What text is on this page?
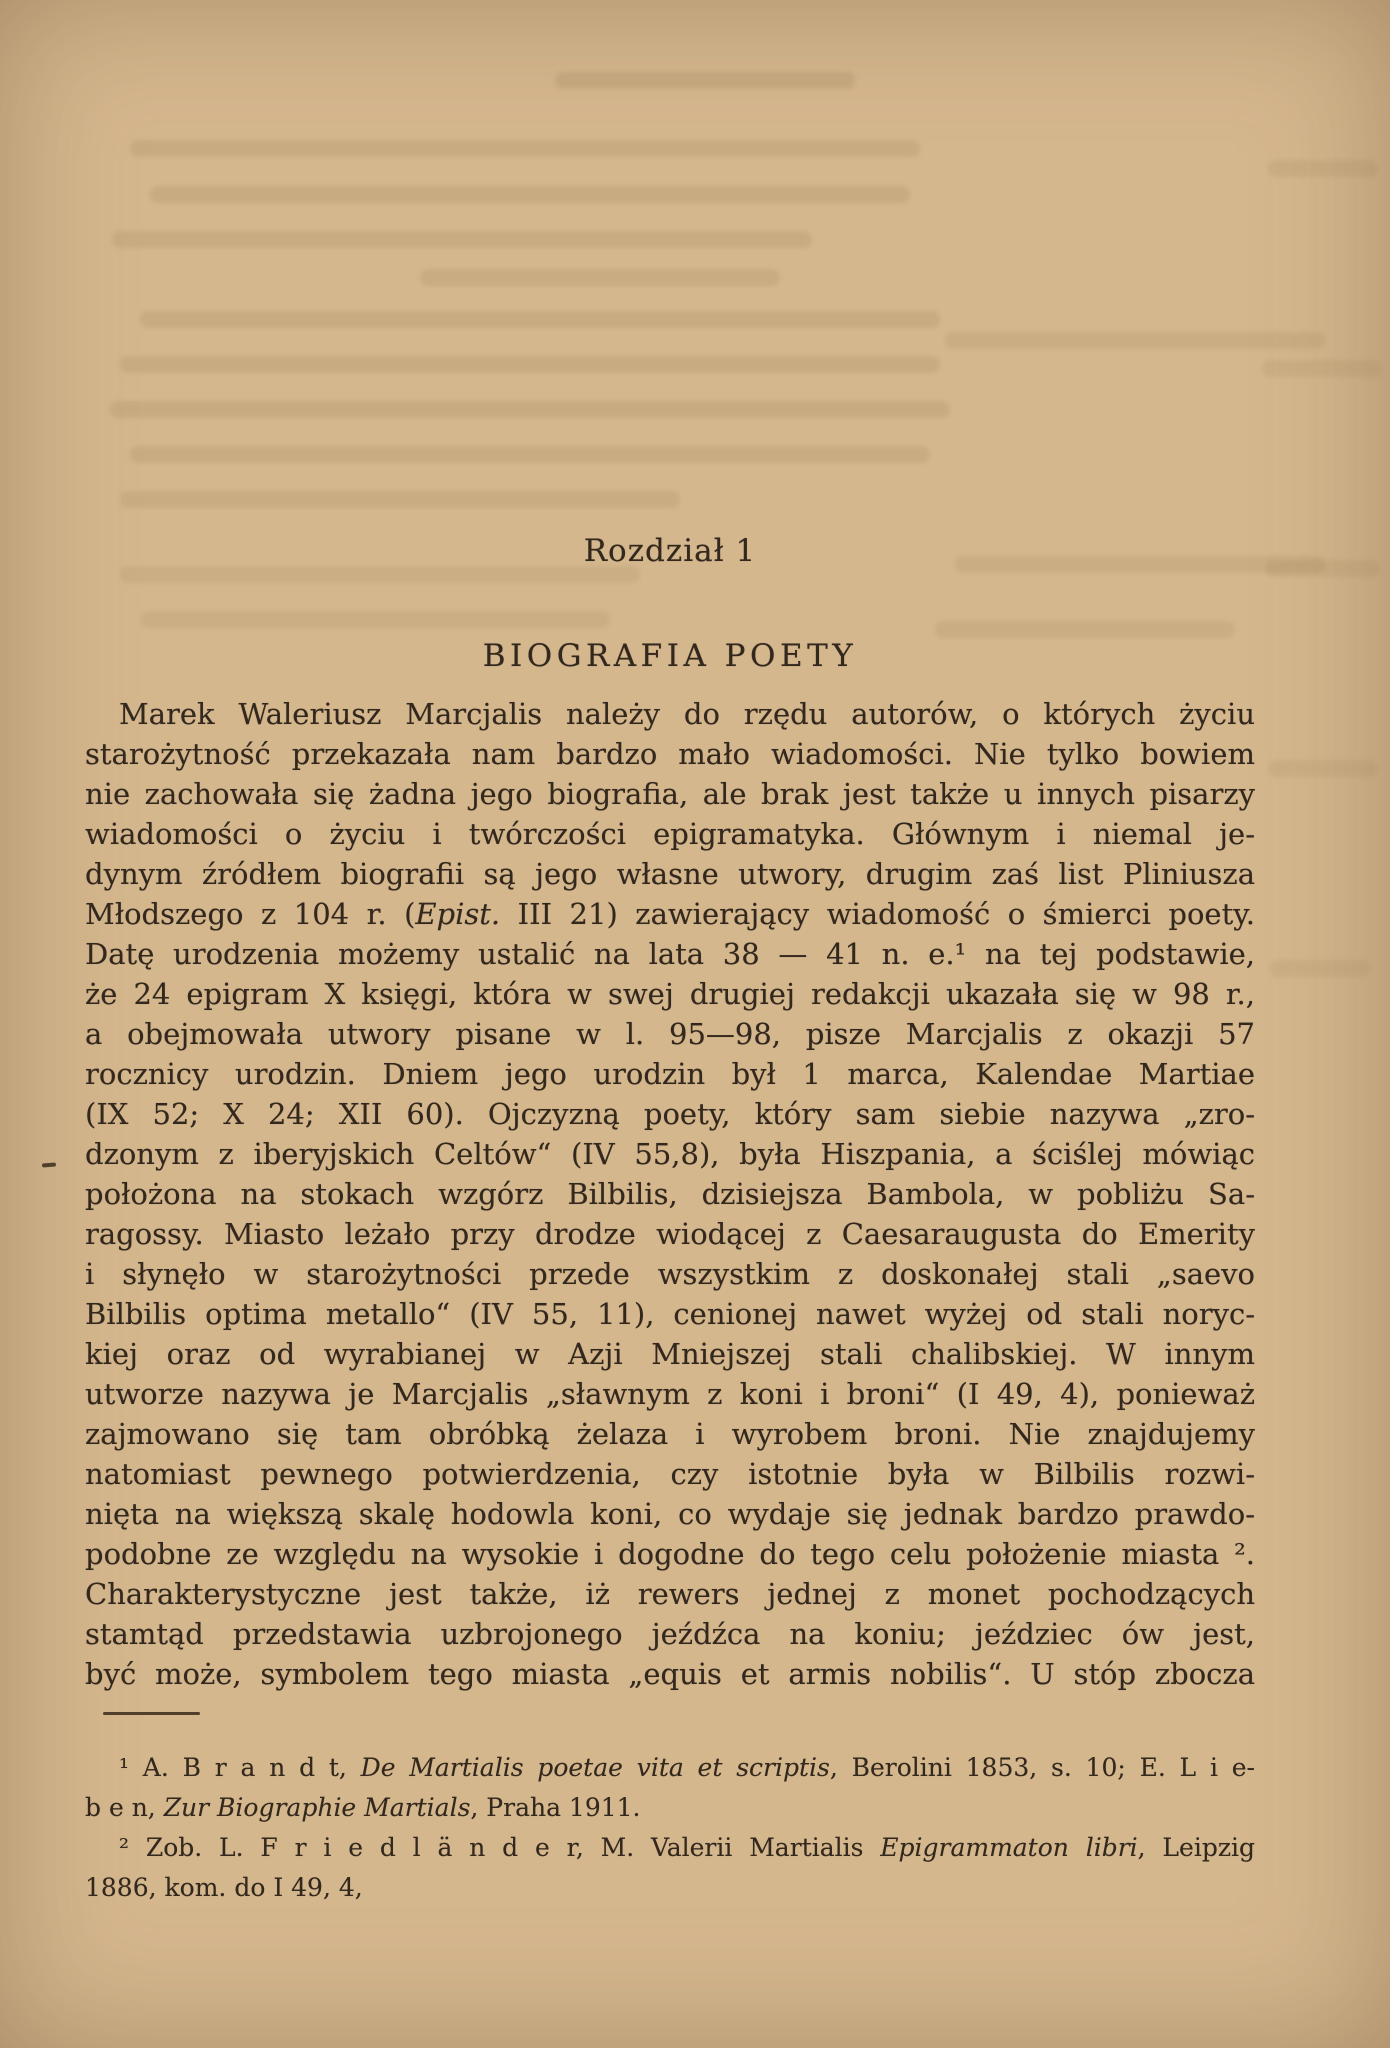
Rozdział 1
BIOGRAFIA POETY
Marek Waleriusz Marcjalis należy do rzędu autorów, o których życiu
starożytność przekazała nam bardzo mało wiadomości. Nie tylko bowiem
nie zachowała się żadna jego biografia, ale brak jest także u innych pisarzy
wiadomości o życiu i twórczości epigramatyka. Głównym i niemal je-
dynym źródłem biografii są jego własne utwory, drugim zaś list Pliniusza
Młodszego z 104 r. (Epist. III 21) zawierający wiadomość o śmierci poety.
Datę urodzenia możemy ustalić na lata 38 — 41 n. e.¹ na tej podstawie,
że 24 epigram X księgi, która w swej drugiej redakcji ukazała się w 98 r.,
a obejmowała utwory pisane w l. 95—98, pisze Marcjalis z okazji 57
rocznicy urodzin. Dniem jego urodzin był 1 marca, Kalendae Martiae
(IX 52; X 24; XII 60). Ojczyzną poety, który sam siebie nazywa „zro-
dzonym z iberyjskich Celtów“ (IV 55,8), była Hiszpania, a ściślej mówiąc
położona na stokach wzgórz Bilbilis, dzisiejsza Bambola, w pobliżu Sa-
ragossy. Miasto leżało przy drodze wiodącej z Caesaraugusta do Emerity
i słynęło w starożytności przede wszystkim z doskonałej stali „saevo
Bilbilis optima metallo“ (IV 55, 11), cenionej nawet wyżej od stali noryc-
kiej oraz od wyrabianej w Azji Mniejszej stali chalibskiej. W innym
utworze nazywa je Marcjalis „sławnym z koni i broni“ (I 49, 4), ponieważ
zajmowano się tam obróbką żelaza i wyrobem broni. Nie znajdujemy
natomiast pewnego potwierdzenia, czy istotnie była w Bilbilis rozwi-
nięta na większą skalę hodowla koni, co wydaje się jednak bardzo prawdo-
podobne ze względu na wysokie i dogodne do tego celu położenie miasta ².
Charakterystyczne jest także, iż rewers jednej z monet pochodzących
stamtąd przedstawia uzbrojonego jeźdźca na koniu; jeździec ów jest,
być może, symbolem tego miasta „equis et armis nobilis“. U stóp zbocza
¹ A. B r a n d t, De Martialis poetae vita et scriptis, Berolini 1853, s. 10; E. L i e-
b e n, Zur Biographie Martials, Praha 1911.
² Zob. L. F r i e d l ä n d e r, M. Valerii Martialis Epigrammaton libri, Leipzig
1886, kom. do I 49, 4,
